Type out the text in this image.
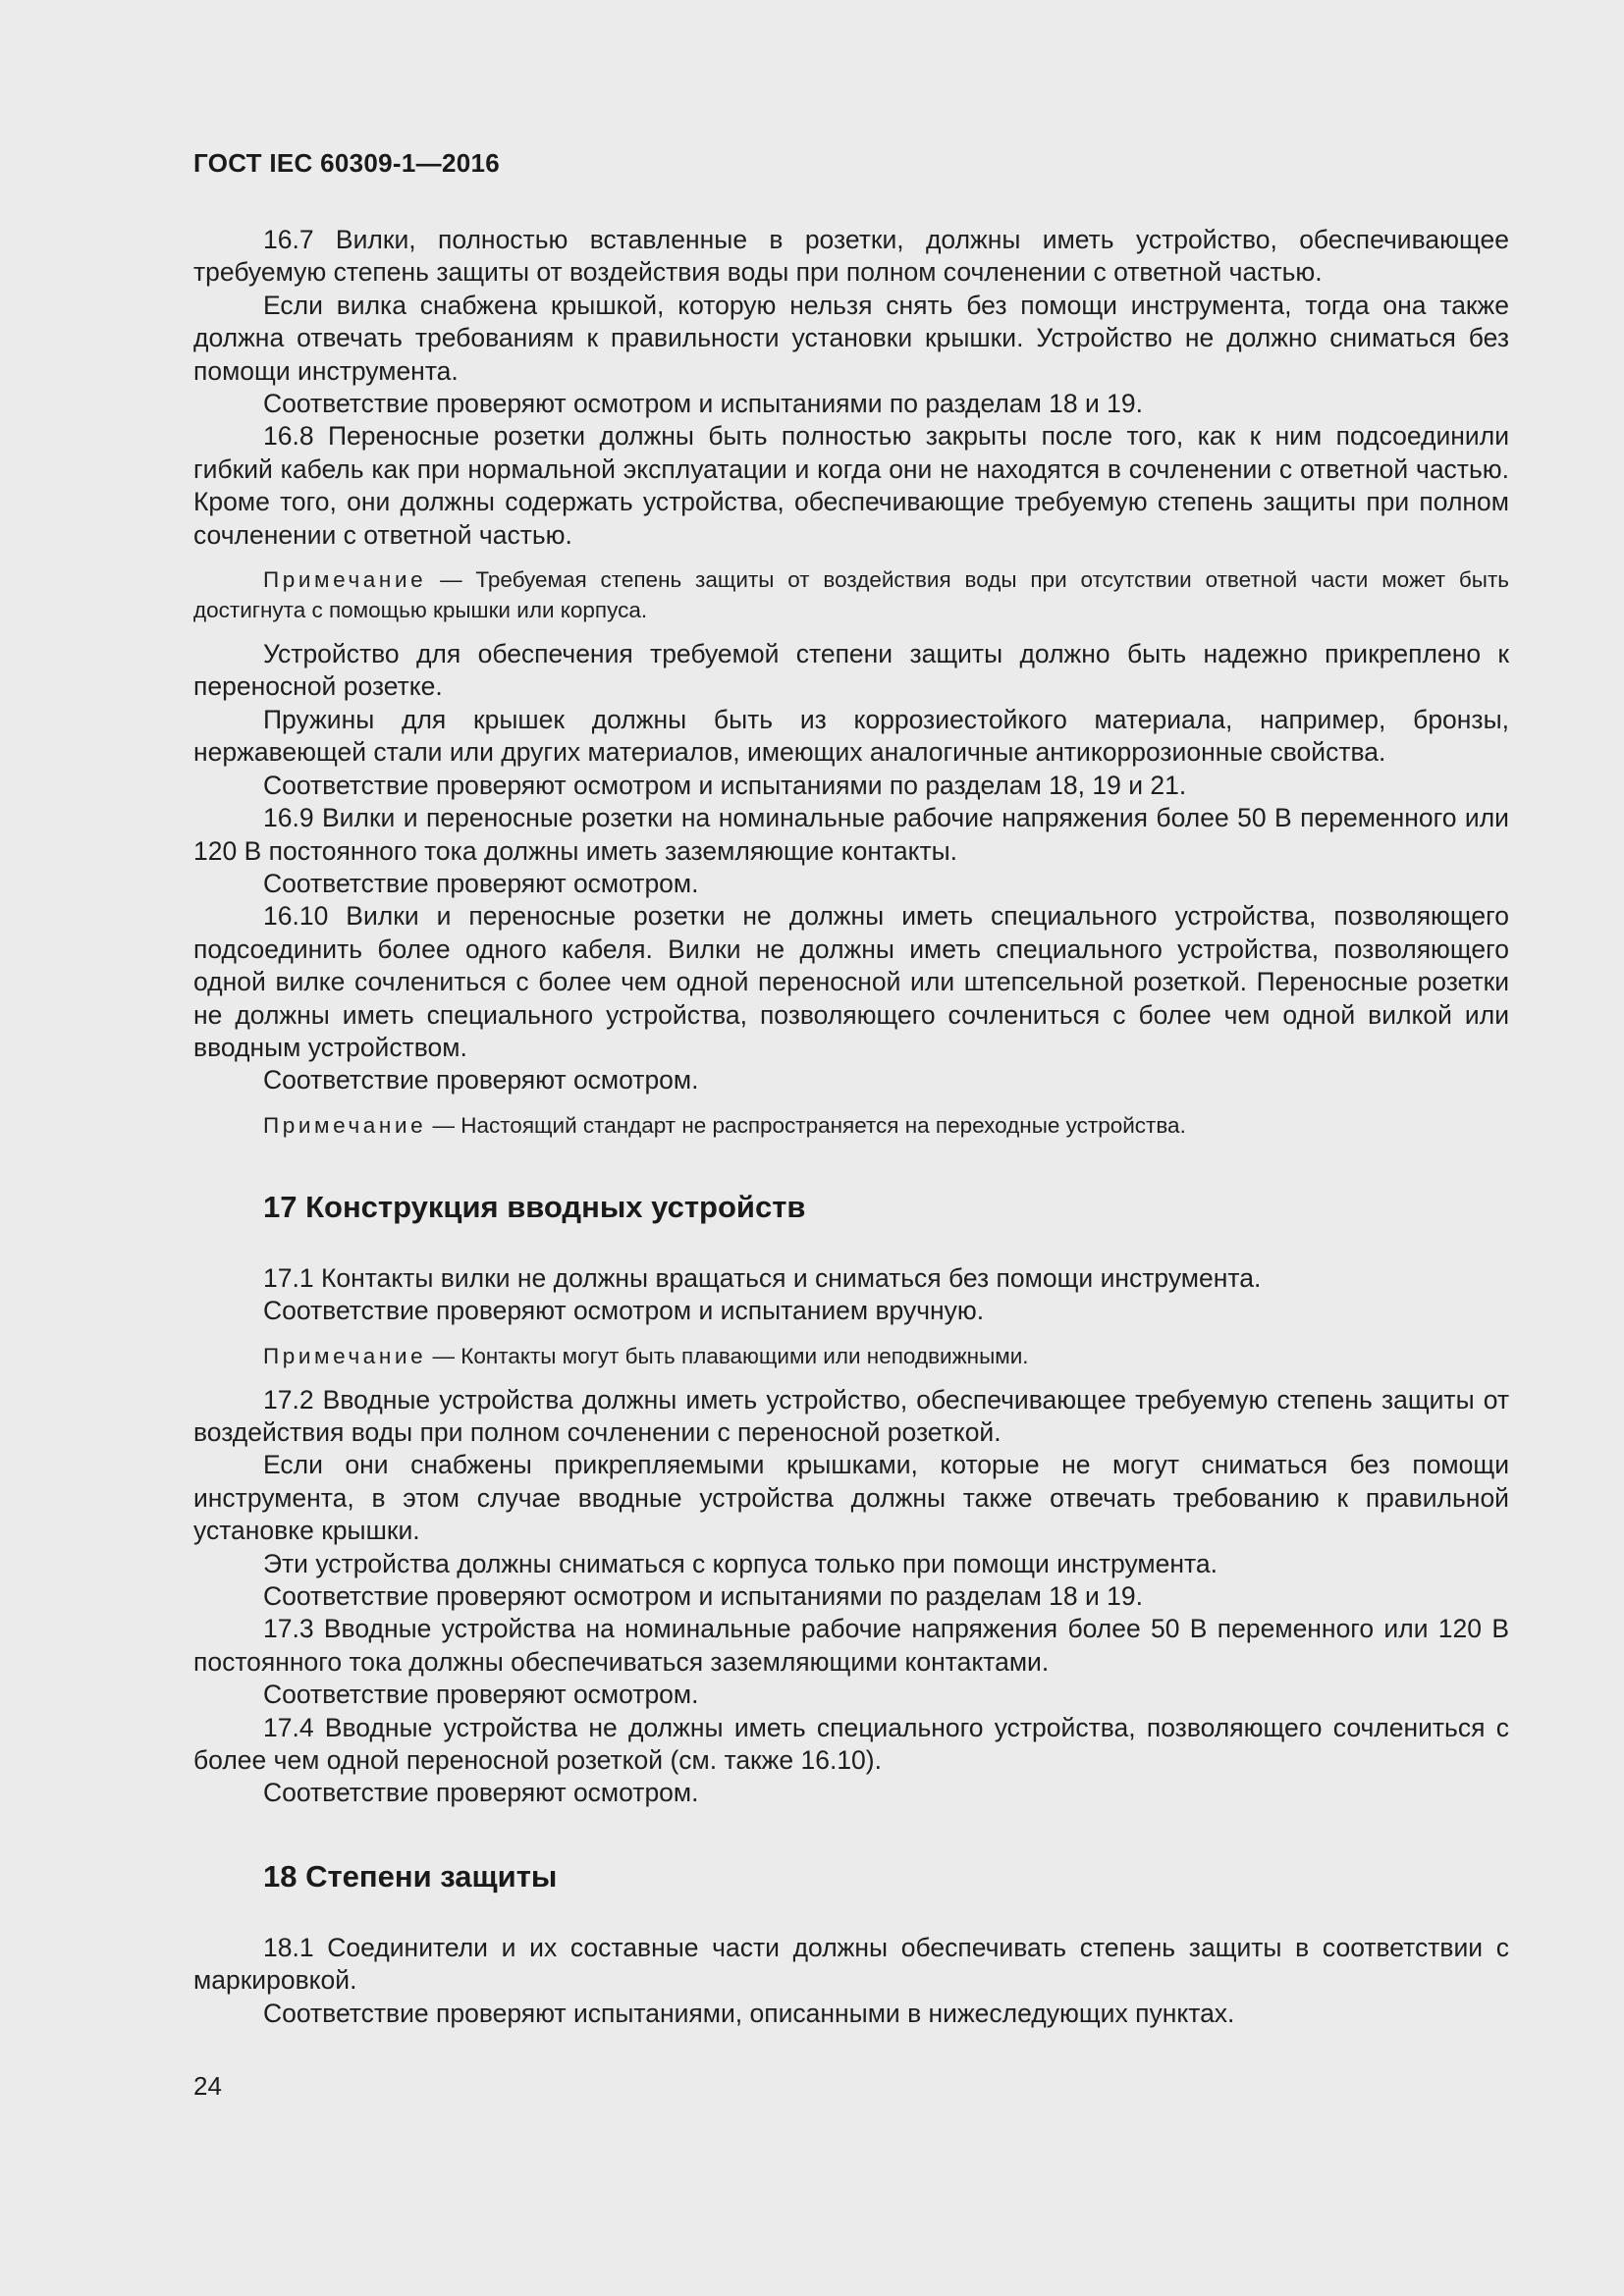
ГОСТ IEC 60309-1—2016

16.7 Вилки, полностью вставленные в розетки, должны иметь устройство, обеспечивающее требуемую степень защиты от воздействия воды при полном сочленении с ответной частью.

Если вилка снабжена крышкой, которую нельзя снять без помощи инструмента, тогда она также должна отвечать требованиям к правильности установки крышки. Устройство не должно сниматься без помощи инструмента.

Соответствие проверяют осмотром и испытаниями по разделам 18 и 19.

16.8 Переносные розетки должны быть полностью закрыты после того, как к ним подсоединили гибкий кабель как при нормальной эксплуатации и когда они не находятся в сочленении с ответной частью. Кроме того, они должны содержать устройства, обеспечивающие требуемую степень защиты при полном сочленении с ответной частью.

Примечание — Требуемая степень защиты от воздействия воды при отсутствии ответной части может быть достигнута с помощью крышки или корпуса.

Устройство для обеспечения требуемой степени защиты должно быть надежно прикреплено к переносной розетке.

Пружины для крышек должны быть из коррозиестойкого материала, например, бронзы, нержавеющей стали или других материалов, имеющих аналогичные антикоррозионные свойства.

Соответствие проверяют осмотром и испытаниями по разделам 18, 19 и 21.

16.9 Вилки и переносные розетки на номинальные рабочие напряжения более 50 В переменного или 120 В постоянного тока должны иметь заземляющие контакты.

Соответствие проверяют осмотром.

16.10 Вилки и переносные розетки не должны иметь специального устройства, позволяющего подсоединить более одного кабеля. Вилки не должны иметь специального устройства, позволяющего одной вилке сочлениться с более чем одной переносной или штепсельной розеткой. Переносные розетки не должны иметь специального устройства, позволяющего сочлениться с более чем одной вилкой или вводным устройством.

Соответствие проверяют осмотром.

Примечание — Настоящий стандарт не распространяется на переходные устройства.

17 Конструкция вводных устройств

17.1 Контакты вилки не должны вращаться и сниматься без помощи инструмента.

Соответствие проверяют осмотром и испытанием вручную.

Примечание — Контакты могут быть плавающими или неподвижными.

17.2 Вводные устройства должны иметь устройство, обеспечивающее требуемую степень защиты от воздействия воды при полном сочленении с переносной розеткой.

Если они снабжены прикрепляемыми крышками, которые не могут сниматься без помощи инструмента, в этом случае вводные устройства должны также отвечать требованию к правильной установке крышки.

Эти устройства должны сниматься с корпуса только при помощи инструмента.

Соответствие проверяют осмотром и испытаниями по разделам 18 и 19.

17.3 Вводные устройства на номинальные рабочие напряжения более 50 В переменного или 120 В постоянного тока должны обеспечиваться заземляющими контактами.

Соответствие проверяют осмотром.

17.4 Вводные устройства не должны иметь специального устройства, позволяющего сочлениться с более чем одной переносной розеткой (см. также 16.10).

Соответствие проверяют осмотром.

18 Степени защиты

18.1 Соединители и их составные части должны обеспечивать степень защиты в соответствии с маркировкой.

Соответствие проверяют испытаниями, описанными в нижеследующих пунктах.

24
